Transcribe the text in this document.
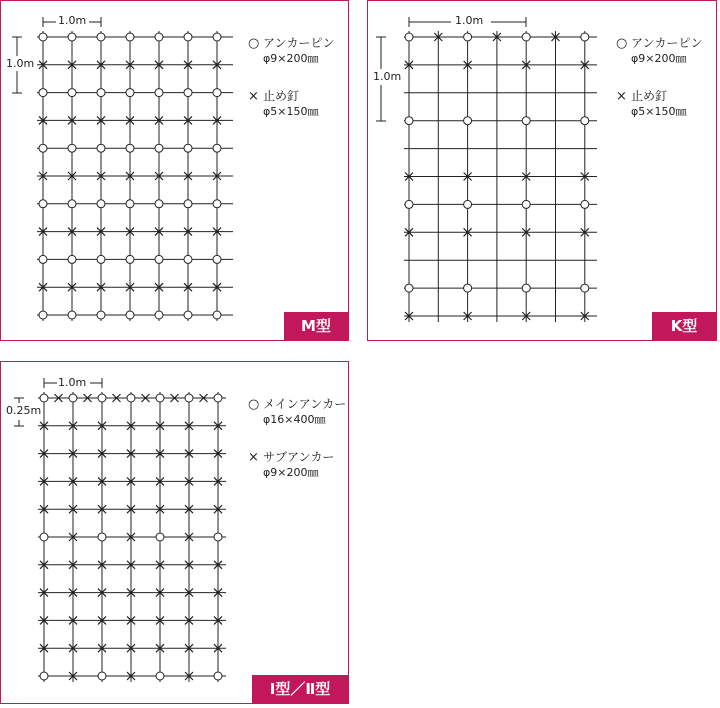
1.0m
1.0m
○ アンカーピン
φ9×200㎜
× 止め釘
φ5×150㎜
M型
1.0m
1.0m
○ アンカーピン
φ9×200㎜
× 止め釘
φ5×150㎜
K型
1.0m
0.25m	○ メインアンカー
φ16×400㎜
× サブアンカー
φ9×200㎜
Ⅰ型／Ⅱ型
